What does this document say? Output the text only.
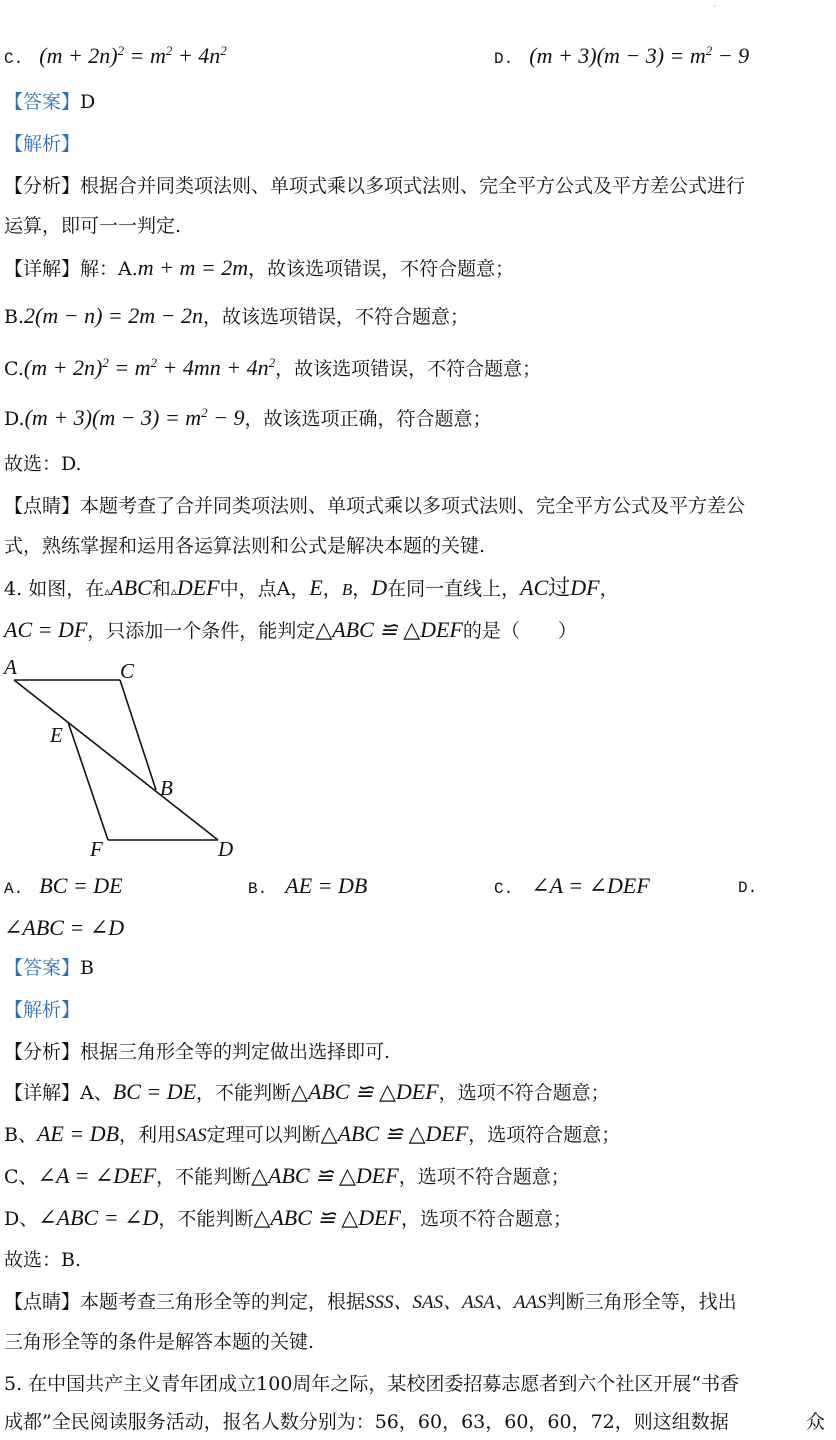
·
C. $(m + 2n)^2 = m^2 + 4n^2$	D. $(m + 3)(m - 3) = m^2 - 9$
【答案】D
【解析】
【分析】根据合并同类项法则、单项式乘以多项式法则、完全平方公式及平方差公式进行
运算，即可一一判定.
【详解】解：A.m + m = 2m，故该选项错误，不符合题意；
B.2(m − n) = 2m − 2n，故该选项错误，不符合题意；
$C.(m + 2n)^2 = m^2 + 4mn + 4n^2$，故该选项错误，不符合题意；
$D.(m + 3)(m - 3) = m^2 - 9$，故该选项正确，符合题意；
故选：D.
【点睛】本题考查了合并同类项法则、单项式乘以多项式法则、完全平方公式及平方差公
式，熟练掌握和运用各运算法则和公式是解决本题的关键.
4. 如图，在▵ABC和▵DEF中，点A，E，B，D在同一直线上，AC过DF，
AC = DF，只添加一个条件，能判定△ABC ≌ △DEF的是（　　）
A	C
E
B
F	D
A. BC = DE	B. AE = DB	C. ∠A = ∠DEF	D.
∠ABC = ∠D
【答案】B
【解析】
【分析】根据三角形全等的判定做出选择即可.
【详解】A、BC = DE，不能判断△ABC ≌ △DEF，选项不符合题意；
B、AE = DB，利用SAS定理可以判断△ABC ≌ △DEF，选项符合题意；
C、∠A = ∠DEF，不能判断△ABC ≌ △DEF，选项不符合题意；
D、∠ABC = ∠D，不能判断△ABC ≌ △DEF，选项不符合题意；
故选：B.
【点睛】本题考查三角形全等的判定，根据SSS、SAS、ASA、AAS判断三角形全等，找出
三角形全等的条件是解答本题的关键.
5. 在中国共产主义青年团成立100周年之际，某校团委招募志愿者到六个社区开展“书香
成都”全民阅读服务活动，报名人数分别为：56，60，63，60，60，72，则这组数据	众
